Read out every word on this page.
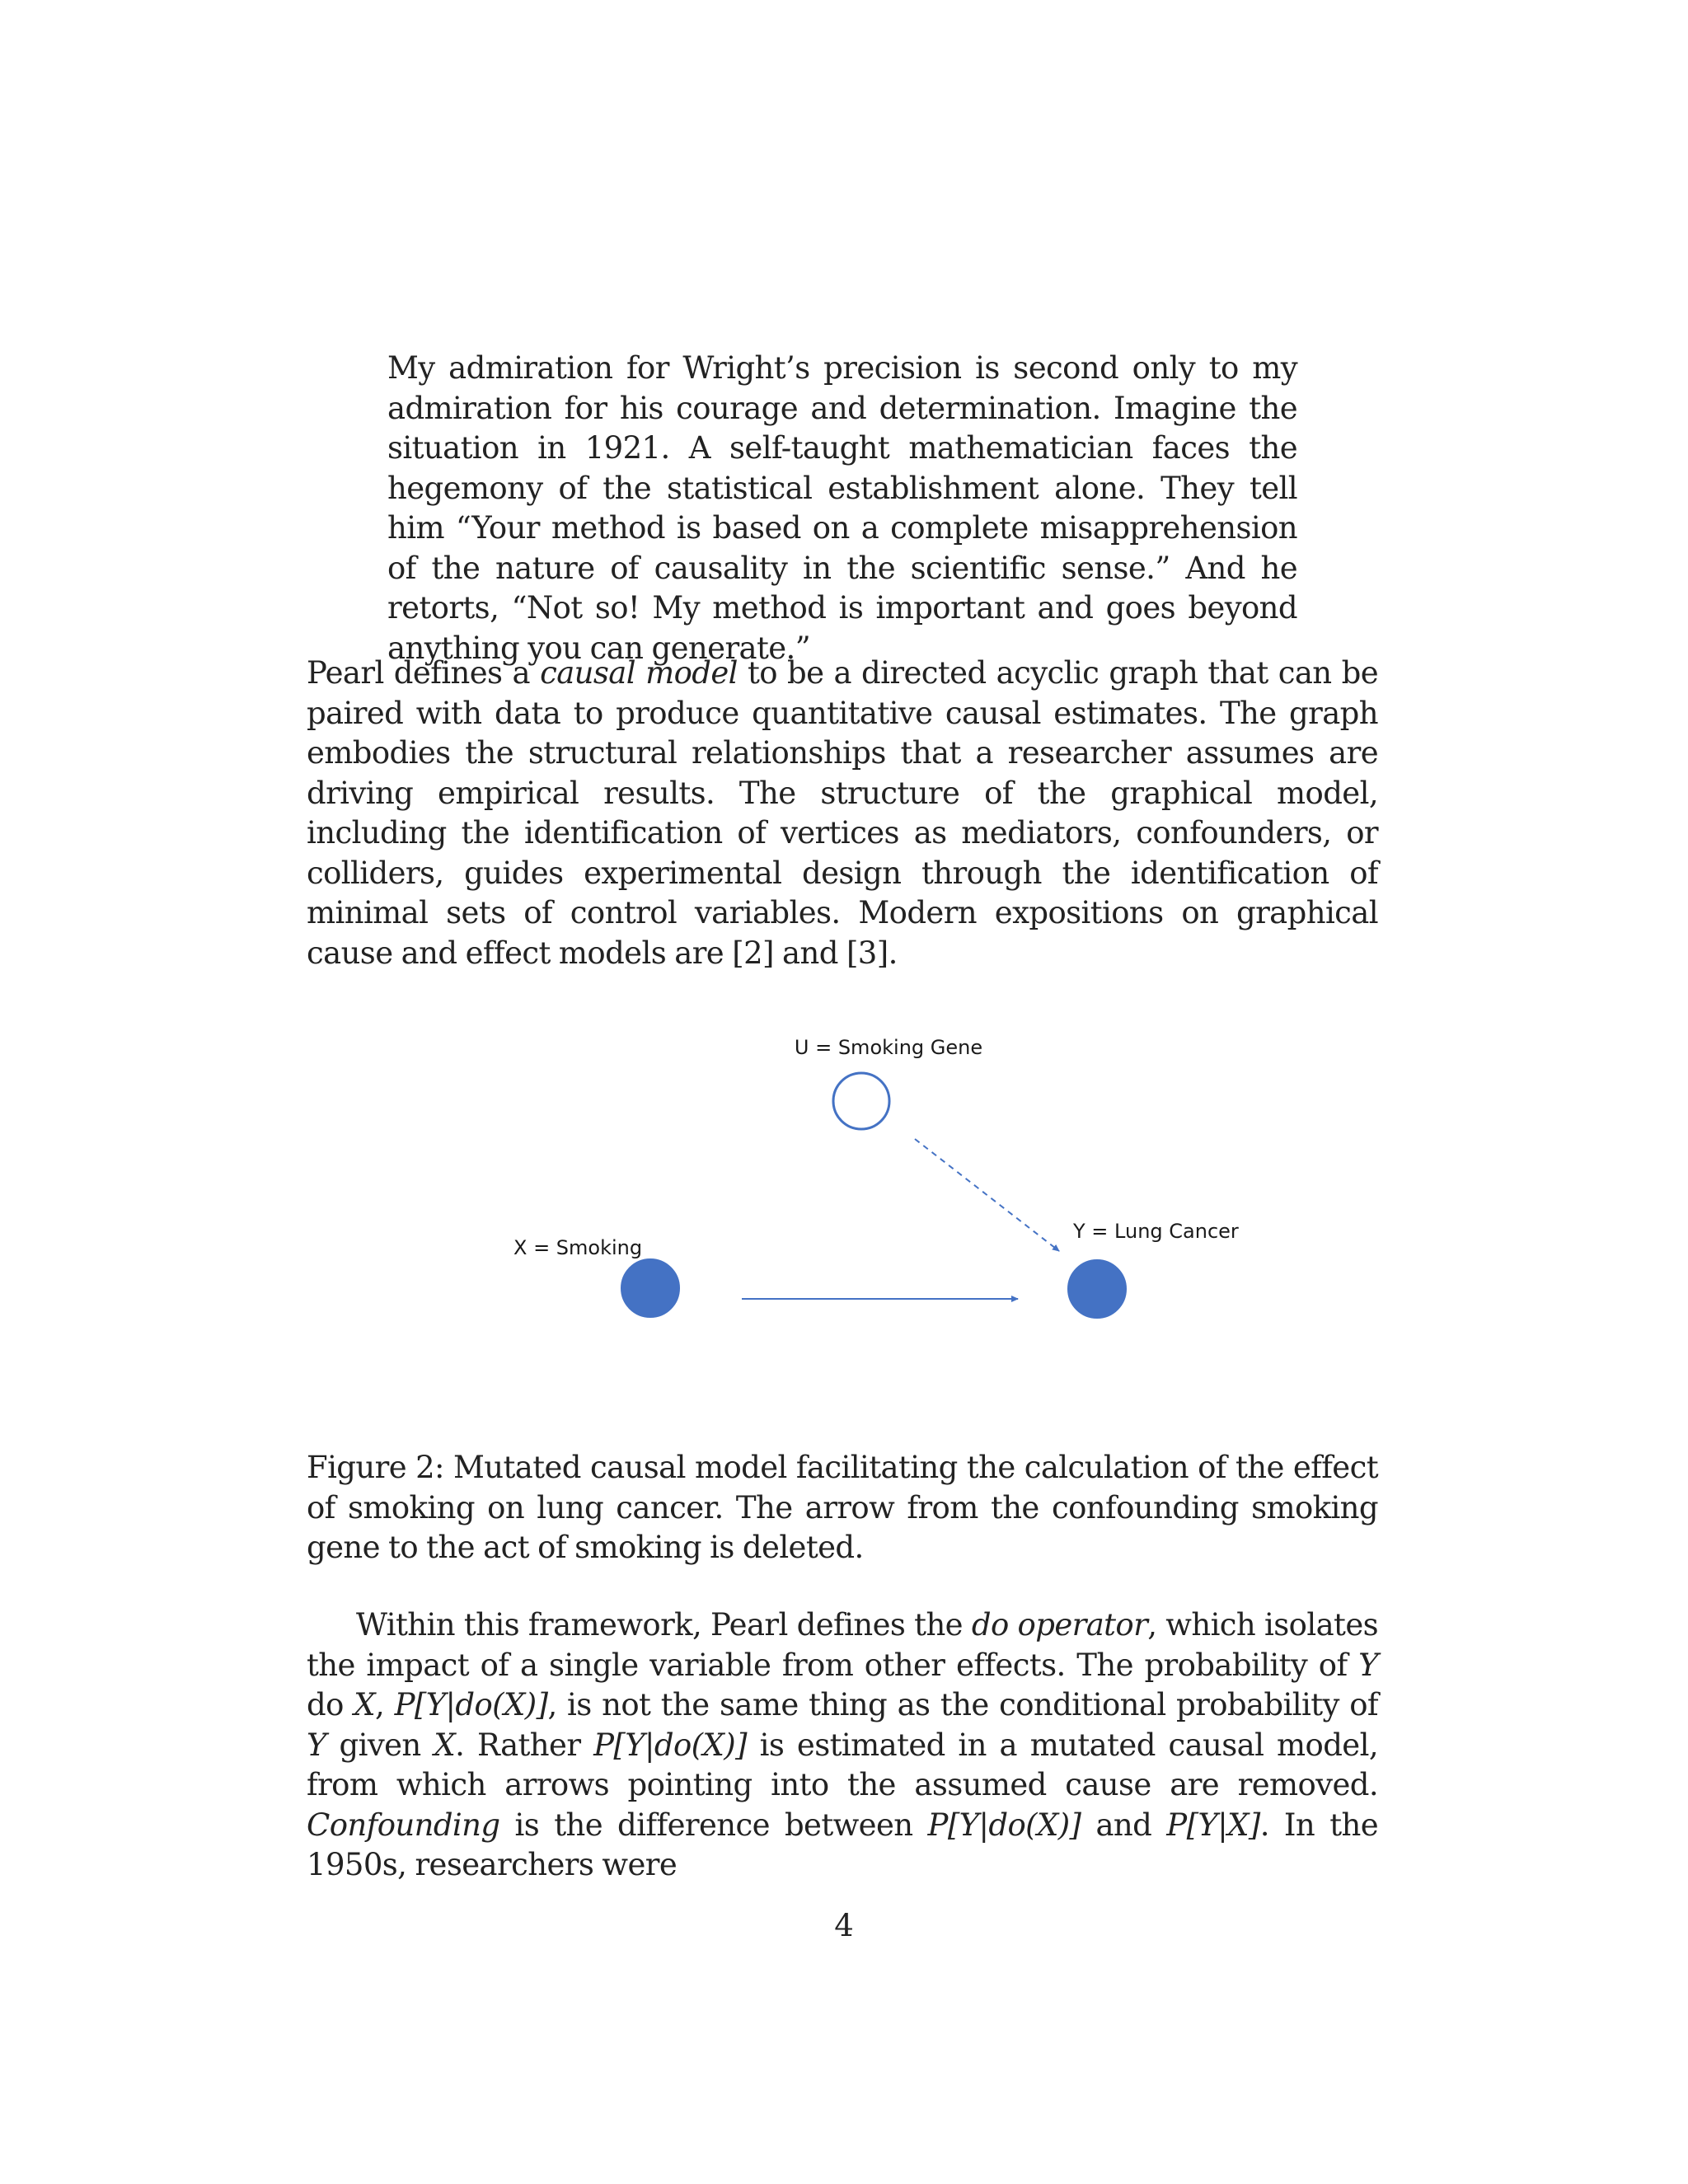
My admiration for Wright’s precision is second only to my admiration for his courage and determination. Imagine the situation in 1921. A self-taught mathematician faces the hegemony of the statistical establishment alone. They tell him “Your method is based on a complete misapprehension of the nature of causality in the scientific sense.” And he retorts, “Not so! My method is important and goes beyond anything you can generate.”

Pearl defines a causal model to be a directed acyclic graph that can be paired with data to produce quantitative causal estimates. The graph embodies the structural relationships that a researcher assumes are driving empirical results. The structure of the graphical model, including the identification of vertices as mediators, confounders, or colliders, guides experimental design through the identification of minimal sets of control variables. Modern expositions on graphical cause and effect models are [2] and [3].

U = Smoking Gene
X = Smoking
Y = Lung Cancer

Figure 2: Mutated causal model facilitating the calculation of the effect of smoking on lung cancer. The arrow from the confounding smoking gene to the act of smoking is deleted.

Within this framework, Pearl defines the do operator, which isolates the impact of a single variable from other effects. The probability of Y do X, P[Y|do(X)], is not the same thing as the conditional probability of Y given X. Rather P[Y|do(X)] is estimated in a mutated causal model, from which arrows pointing into the assumed cause are removed. Confounding is the difference between P[Y|do(X)] and P[Y|X]. In the 1950s, researchers were

4
